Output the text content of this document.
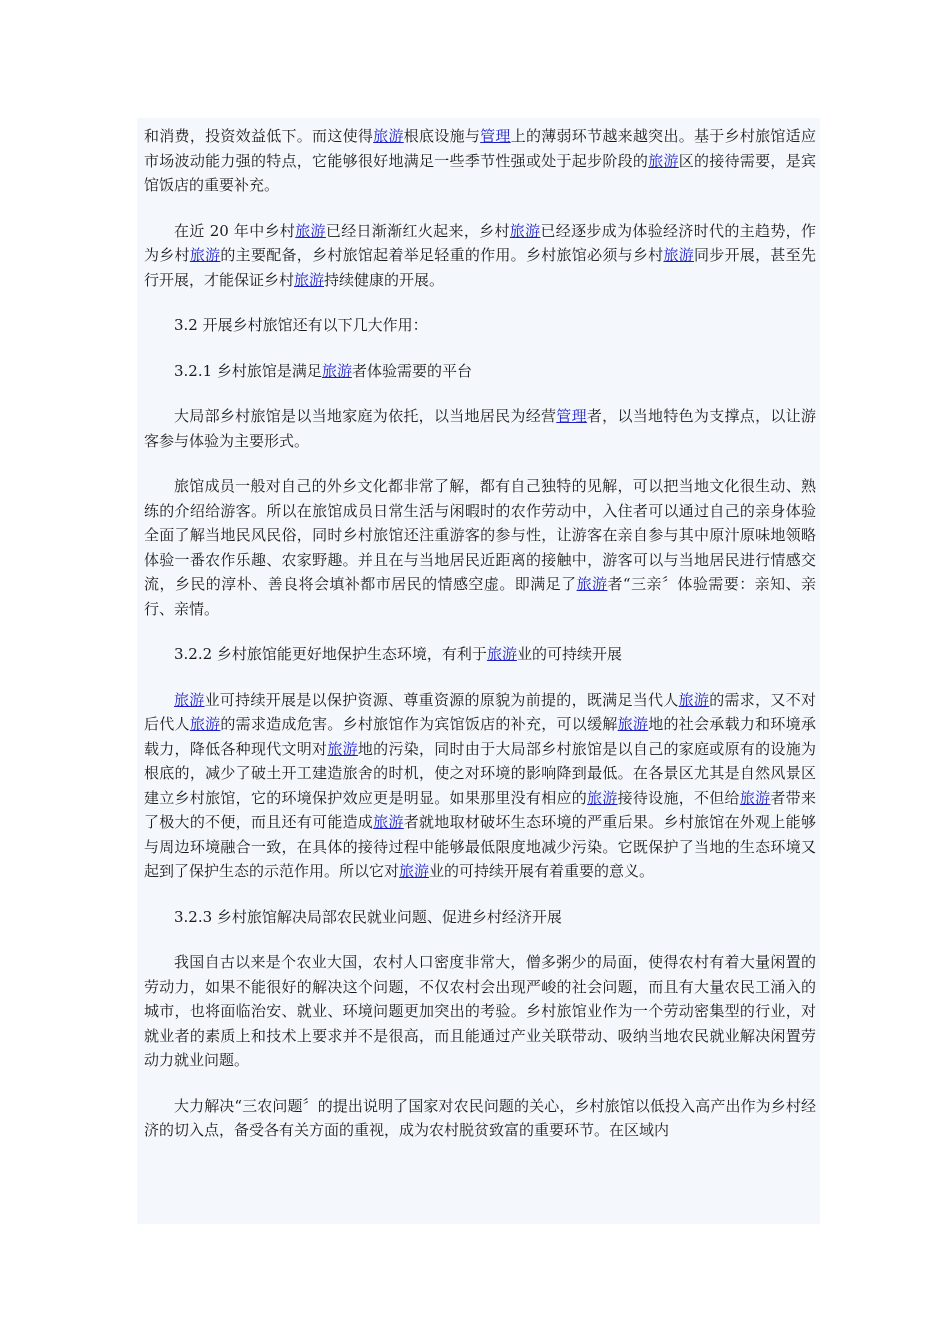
和消费，投资效益低下。而这使得旅游根底设施与管理上的薄弱环节越来越突出。基于乡村旅馆适应市场波动能力强的特点，它能够很好地满足一些季节性强或处于起步阶段的旅游区的接待需要，是宾馆饭店的重要补充。

在近 20 年中乡村旅游已经日渐渐红火起来，乡村旅游已经逐步成为体验经济时代的主趋势，作为乡村旅游的主要配备，乡村旅馆起着举足轻重的作用。乡村旅馆必须与乡村旅游同步开展，甚至先行开展，才能保证乡村旅游持续健康的开展。

3.2 开展乡村旅馆还有以下几大作用：

3.2.1 乡村旅馆是满足旅游者体验需要的平台

大局部乡村旅馆是以当地家庭为依托，以当地居民为经营管理者，以当地特色为支撑点，以让游客参与体验为主要形式。

旅馆成员一般对自己的外乡文化都非常了解，都有自己独特的见解，可以把当地文化很生动、熟练的介绍给游客。所以在旅馆成员日常生活与闲暇时的农作劳动中，入住者可以通过自己的亲身体验全面了解当地民风民俗，同时乡村旅馆还注重游客的参与性，让游客在亲自参与其中原汁原味地领略体验一番农作乐趣、农家野趣。并且在与当地居民近距离的接触中，游客可以与当地居民进行情感交流，乡民的淳朴、善良将会填补都市居民的情感空虚。即满足了旅游者“三亲〞体验需要：亲知、亲行、亲情。

3.2.2 乡村旅馆能更好地保护生态环境，有利于旅游业的可持续开展

旅游业可持续开展是以保护资源、尊重资源的原貌为前提的，既满足当代人旅游的需求，又不对后代人旅游的需求造成危害。乡村旅馆作为宾馆饭店的补充，可以缓解旅游地的社会承载力和环境承载力，降低各种现代文明对旅游地的污染，同时由于大局部乡村旅馆是以自己的家庭或原有的设施为根底的，减少了破土开工建造旅舍的时机，使之对环境的影响降到最低。在各景区尤其是自然风景区建立乡村旅馆，它的环境保护效应更是明显。如果那里没有相应的旅游接待设施，不但给旅游者带来了极大的不便，而且还有可能造成旅游者就地取材破坏生态环境的严重后果。乡村旅馆在外观上能够与周边环境融合一致，在具体的接待过程中能够最低限度地减少污染。它既保护了当地的生态环境又起到了保护生态的示范作用。所以它对旅游业的可持续开展有着重要的意义。

3.2.3 乡村旅馆解决局部农民就业问题、促进乡村经济开展

我国自古以来是个农业大国，农村人口密度非常大，僧多粥少的局面，使得农村有着大量闲置的劳动力，如果不能很好的解决这个问题，不仅农村会出现严峻的社会问题，而且有大量农民工涌入的城市，也将面临治安、就业、环境问题更加突出的考验。乡村旅馆业作为一个劳动密集型的行业，对就业者的素质上和技术上要求并不是很高，而且能通过产业关联带动、吸纳当地农民就业解决闲置劳动力就业问题。

大力解决“三农问题〞的提出说明了国家对农民问题的关心，乡村旅馆以低投入高产出作为乡村经济的切入点，备受各有关方面的重视，成为农村脱贫致富的重要环节。在区域内
